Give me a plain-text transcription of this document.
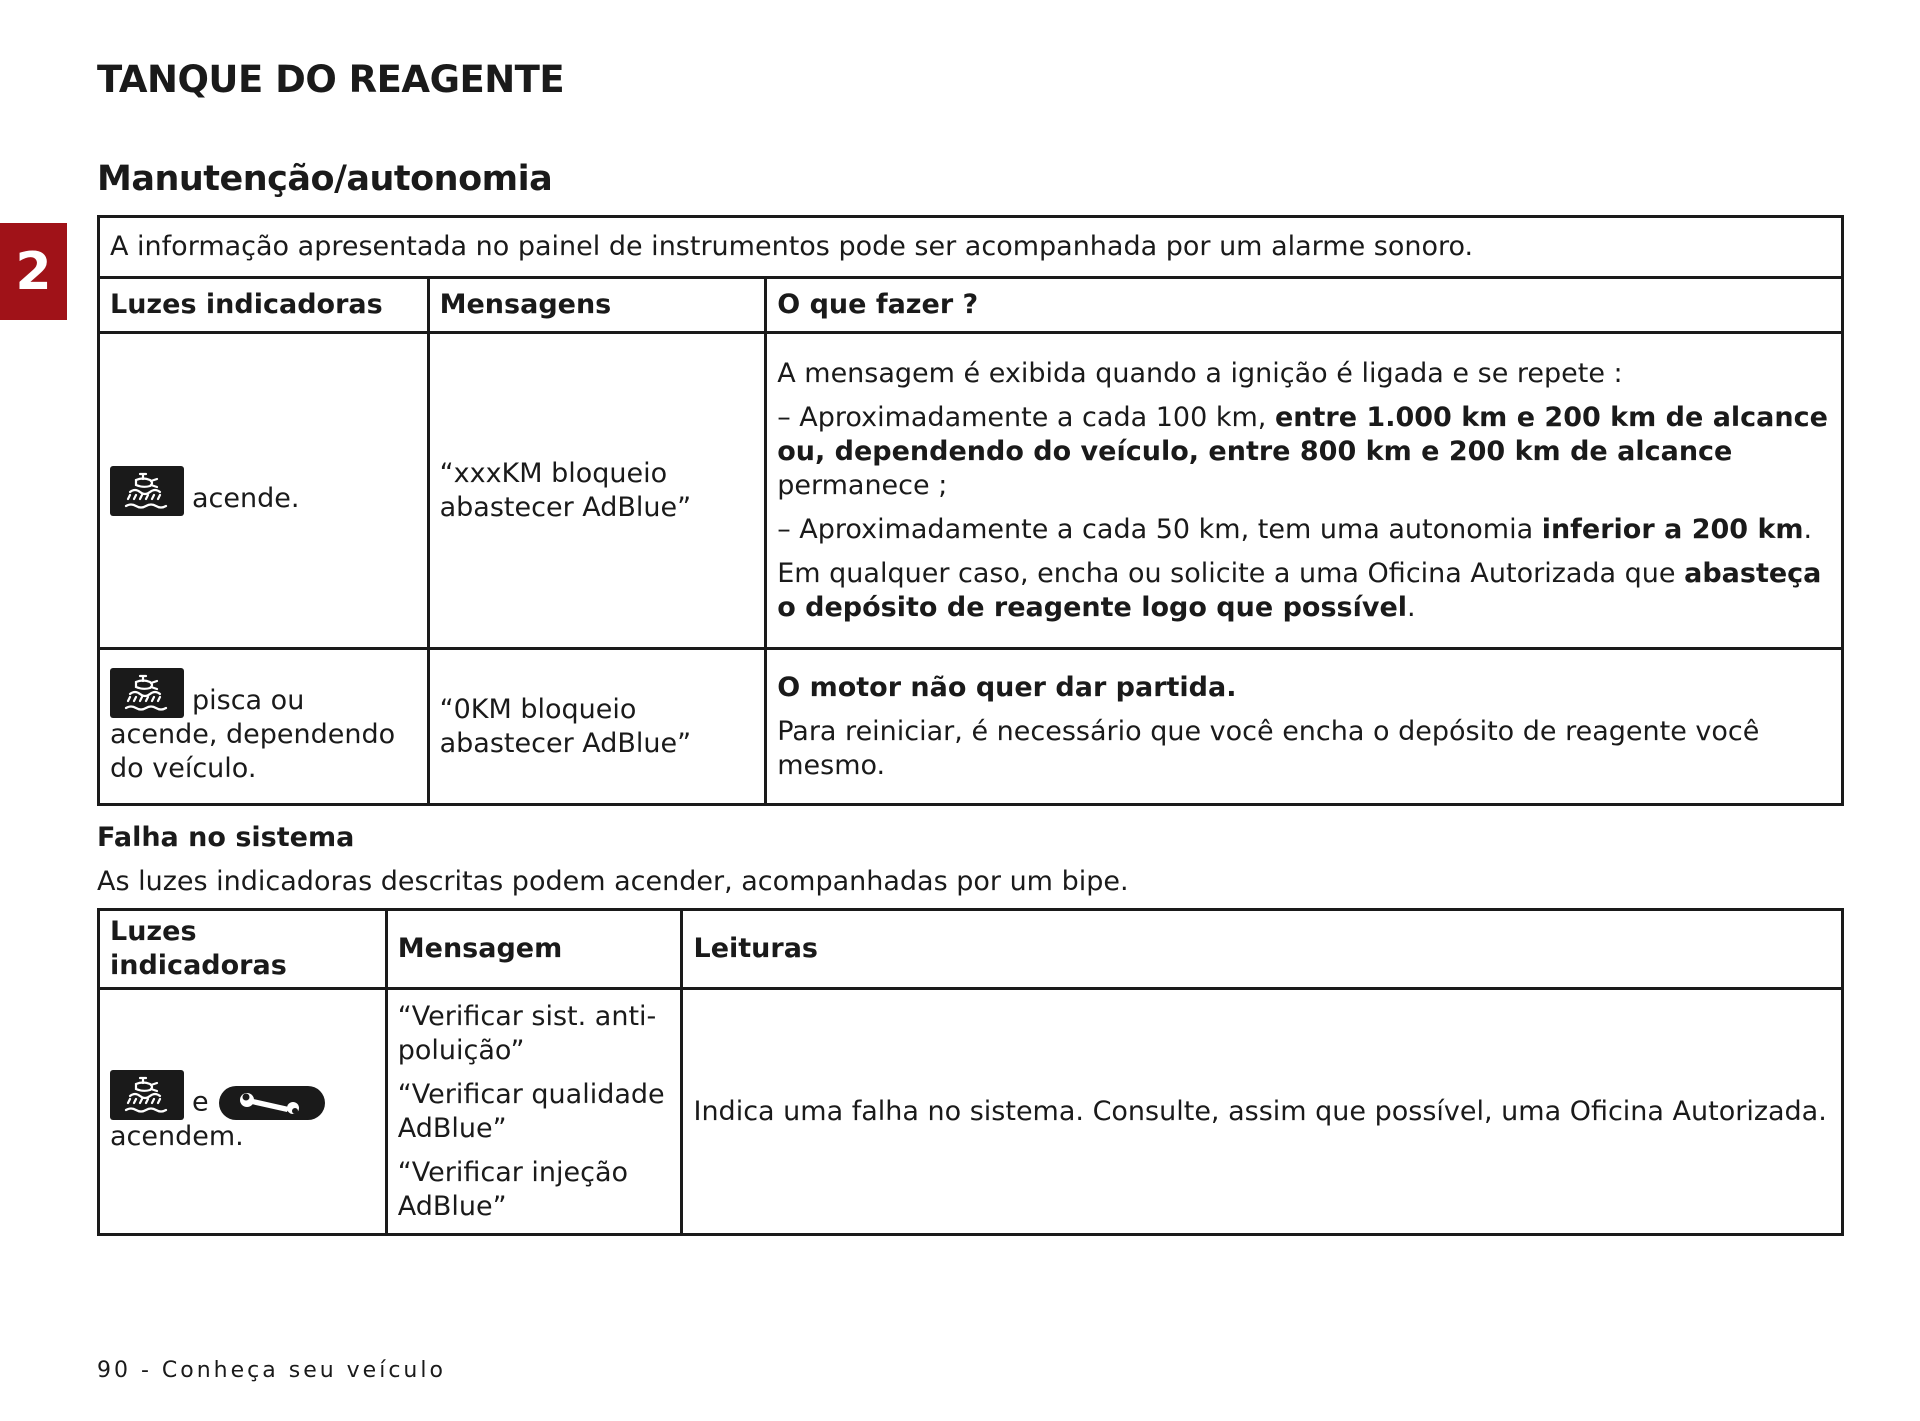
TANQUE DO REAGENTE
Manutenção/autonomia
2	A informação apresentada no painel de instrumentos pode ser acompanhada por um alarme sonoro.		
Luzes indicadoras	Mensagens	O que fazer ?

acende.	“xxxKM bloqueio abastecer AdBlue”	A mensagem é exibida quando a ignição é ligada e se repete :

– Aproximadamente a cada 100 km, entre 1.000 km e 200 km de alcance ou, dependendo do veículo, entre 800 km e 200 km de alcance permanece ;

– Aproximadamente a cada 50 km, tem uma autonomia inferior a 200 km.

Em qualquer caso, encha ou solicite a uma Oficina Autorizada que abasteça o depósito de reagente logo que possível.

pisca ou acende, dependendo do veículo.	“0KM bloqueio abastecer AdBlue”	O motor não quer dar partida.

Para reiniciar, é necessário que você encha o depósito de reagente você mesmo.

Falha no sistema
As luzes indicadoras descritas podem acender, acompanhadas por um bipe.
Luzes indicadoras	Mensagem	Leituras

e

acendem.	“Verificar sist. anti-poluição”
“Verificar qualidade AdBlue”
“Verificar injeção AdBlue”	Indica uma falha no sistema. Consulte, assim que possível, uma Oficina Autorizada.
90 - Conheça seu veículo
